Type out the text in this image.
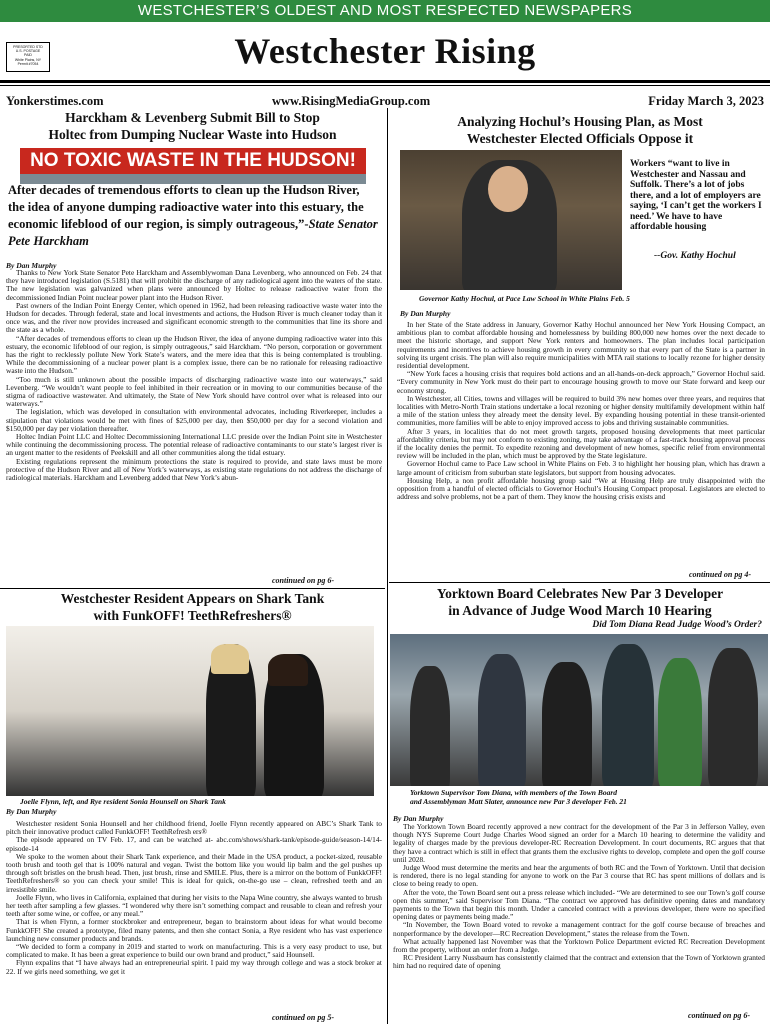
WESTCHESTER’S OLDEST AND MOST RESPECTED NEWSPAPERS
PRESORTED STD
U.S. POSTAGE
PAID
White Plains, NY
Permit #7054	Westchester Rising
Yonkerstimes.com	www.RisingMediaGroup.com	Friday March 3, 2023
Harckham & Levenberg Submit Bill to Stop
Holtec from Dumping Nuclear Waste into Hudson
NO TOXIC WASTE IN THE HUDSON!
After decades of tremendous efforts to clean up the Hudson River, the idea of anyone dumping radioactive water into this estuary, the economic lifeblood of our region, is simply outrageous,”-State Senator Pete Harckham
By Dan Murphy

Thanks to New York State Senator Pete Harckham and Assemblywoman Dana Levenberg, who announced on Feb. 24 that they have introduced legislation (S.5181) that will prohibit the discharge of any radiological agent into the waters of the state. The new legislation was galvanized when plans were announced by Holtec to release radioactive water from the decommissioned Indian Point nuclear power plant into the Hudson River.

Past owners of the Indian Point Energy Center, which opened in 1962, had been releasing radioactive waste water into the Hudson for decades. Through federal, state and local investments and actions, the Hudson River is much cleaner today than it once was, and the river now provides increased and significant economic strength to the communities that line its shore and the state as a whole.

“After decades of tremendous efforts to clean up the Hudson River, the idea of anyone dumping radioactive water into this estuary, the economic lifeblood of our region, is simply outrageous,” said Harckham. “No person, corporation or government has the right to recklessly pollute New York State’s waters, and the mere idea that this is being contemplated is troubling. While the decommissioning of a nuclear power plant is a complex issue, there can be no rationale for releasing radioactive waste into the Hudson.”

“Too much is still unknown about the possible impacts of discharging radioactive waste into our waterways,” said Levenberg. “We wouldn’t want people to feel inhibited in their recreation or in moving to our communities because of the stigma of radioactive wastewater. And ultimately, the State of New York should have control over what is released into our waterways.”

The legislation, which was developed in consultation with environmental advocates, including Riverkeeper, includes a stipulation that violations would be met with fines of $25,000 per day, then $50,000 per day for a second violation and $150,000 per day per violation thereafter.

Holtec Indian Point LLC and Holtec Decommissioning International LLC preside over the Indian Point site in Westchester while continuing the decommissioning process. The potential release of radioactive contaminants to our state’s largest river is an urgent matter to the residents of Peekskill and all other communities along the tidal estuary.

Existing regulations represent the minimum protections the state is required to provide, and state laws must be more protective of the Hudson River and all of New York’s waterways, as existing state regulations do not address the discharge of radiological materials. Harckham and Levenberg added that New York’s abun-

continued on pg 6-
Westchester Resident Appears on Shark Tank
with FunkOFF! TeethRefreshers®
Joelle Flynn, left, and Rye resident Sonia Hounsell on Shark Tank
By Dan Murphy

Westchester resident Sonia Hounsell and her childhood friend, Joelle Flynn recently appeared on ABC’s Shark Tank to pitch their innovative product called FunkkOFF! TeethRefresh ers®

The episode appeared on TV Feb. 17, and can be watched at- abc.com/shows/shark-tank/episode-guide/season-14/14-episode-14

We spoke to the women about their Shark Tank experience, and their Made in the USA product, a pocket-sized, reusable tooth brush and tooth gel that is 100% natural and vegan. Twist the bottom like you would lip balm and the gel pushes up through soft bristles on the brush head. Then, just brush, rinse and SMILE. Plus, there is a mirror on the bottom of FunkkOFF! TeethRefreshers® so you can check your smile! This is ideal for quick, on-the-go use – clean, refreshed teeth and an irresistible smile.

Joelle Flynn, who lives in California, explained that during her visits to the Napa Wine country, she always wanted to brush her teeth after sampling a few glasses. “I wondered why there isn’t something compact and reusable to clean and refresh your teeth after some wine, or coffee, or any meal.”

That is when Flynn, a former stockbroker and entrepreneur, began to brainstorm about ideas for what would become FunkkOFF! She created a prototype, filed many patents, and then she contact Sonia, a Rye resident who has vast experience launching new consumer products and brands.

“We decided to form a company in 2019 and started to work on manufacturing. This is a very easy product to use, but complicated to make. It has been a great experience to build our own brand and product,” said Hounsell.

Flynn expalins that “I have always had an entrepreneurial spirit. I paid my way through college and was a stock broker at 22. If we girls need something, we get it

continued on pg 5-
Analyzing Hochul’s Housing Plan, as Most
Westchester Elected Officials Oppose it
Workers “want to live in Westchester and Nassau and Suffolk. There’s a lot of jobs there, and a lot of employers are saying, ‘I can’t get the workers I need.’ We have to have affordable housing
--Gov. Kathy Hochul
Governor Kathy Hochul, at Pace Law School in White Plains Feb. 5
By Dan Murphy

In her State of the State address in January, Governor Kathy Hochul announced her New York Housing Compact, an ambitious plan to combat affordable housing and homelessness by building 800,000 new homes over the next decade to meet the historic shortage, and support New York renters and homeowners. The plan includes local participation requirements and incentives to achieve housing growth in every community so that every part of the State is a partner in solving its urgent crisis. The plan will also require municipalities with MTA rail stations to locally rezone for higher density residential development.

“New York faces a housing crisis that requires bold actions and an all-hands-on-deck approach,” Governor Hochul said. “Every community in New York must do their part to encourage housing growth to move our State forward and keep our economy strong.

In Westchester, all Cities, towns and villages will be required to build 3% new homes over three years, and requires that localities with Metro-North Train stations undertake a local rezoning or higher density multifamily development within half a mile of the station unless they already meet the density level. By expanding housing potential in these transit-oriented communities, more families will be able to enjoy improved access to jobs and thriving sustainable communities.

After 3 years, in localities that do not meet growth targets, proposed housing developments that meet particular affordability criteria, but may not conform to existing zoning, may take advantage of a fast-track housing approval process if the locality denies the permit. To expedite rezoning and development of new homes, specific relief from environmental review will be included in the plan, which must be approved by the State legislature.

Governor Hochul came to Pace Law school in White Plains on Feb. 3 to highlight her housing plan, which has drawn a large amount of criticism from suburban state legislators, but support from housing advocates.

Housing Help, a non profit affordable housing group said “We at Housing Help are truly disappointed with the opposition from a handful of elected officials to Governor Hochul’s Housing Compact proposal. Legislators are elected to address and solve problems, not be a part of them. They know the housing crisis exists and

continued on pg 4-
Yorktown Board Celebrates New Par 3 Developer
in Advance of Judge Wood March 10 Hearing
Did Tom Diana Read Judge Wood’s Order?
Yorktown Supervisor Tom Diana, with members of the Town Board
and Assemblyman Matt Slater, announce new Par 3 developer Feb. 21
By Dan Murphy

The Yorktown Town Board recently approved a new contract for the development of the Par 3 in Jefferson Valley, even though NYS Supreme Court Judge Charles Wood signed an order for a March 10 hearing to determine the validity and legality of charges made by the previous developer-RC Recreation Development. In court documents, RC argues that that they have a contract which is still in effect that grants them the exclusive rights to develop, complete and open the golf course until 2028.

Judge Wood must determine the merits and hear the arguments of both RC and the Town of Yorktown. Until that decision is rendered, there is no legal standing for anyone to work on the Par 3 course that RC has spent millions of dollars and is close to being ready to open.

After the vote, the Town Board sent out a press release which included- “We are determined to see our Town’s golf course open this summer,” said Supervisor Tom Diana. “The contract we approved has definitive opening dates and mandatory payments to the Town that begin this month. Under a canceled contract with a previous developer, there were no specified opening dates or payments being made.”

“In November, the Town Board voted to revoke a management contract for the golf course because of breaches and nonperformance by the developer—RC Recreation Development,” states the release from the Town.

What actually happened last November was that the Yorktown Police Department evicted RC Recreation Development from the property, without an order from a Judge.

RC President Larry Nussbaum has consistently claimed that the contract and extension that the Town of Yorktown granted him had no required date of opening

continued on pg 6-
